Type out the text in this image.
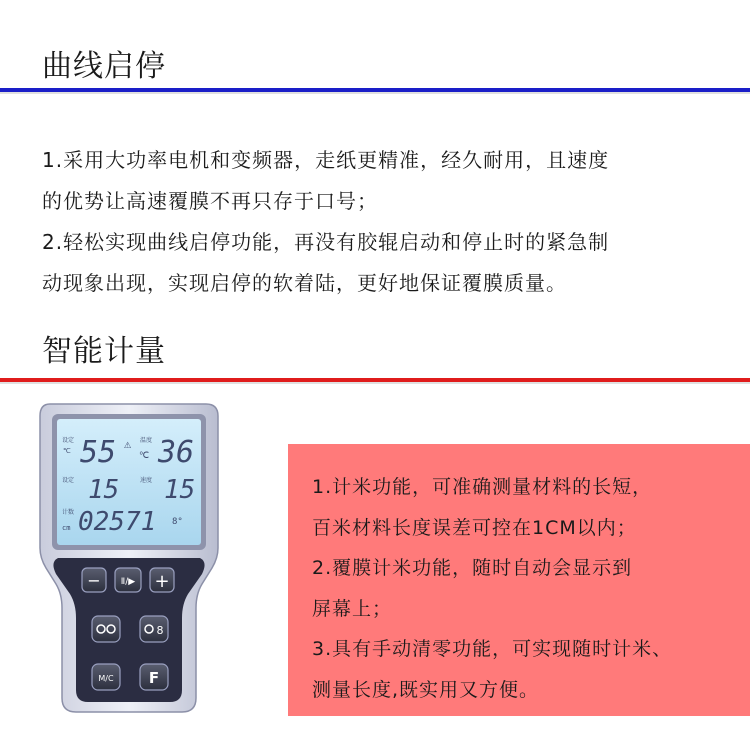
曲线启停
1.采用大功率电机和变频器，走纸更精准，经久耐用，且速度
的优势让高速覆膜不再只存于口号；
2.轻松实现曲线启停功能，再没有胶辊启动和停止时的紧急制
动现象出现，实现启停的软着陆，更好地保证覆膜质量。
智能计量
1.计米功能，可准确测量材料的长短，
百米材料长度误差可控在1CM以内；
2.覆膜计米功能，随时自动会显示到
屏幕上；
3.具有手动清零功能，可实现随时计米、
测量长度,既实用又方便。
设定
℃ 55 ⚠ 温度
℃ 36
设定 15	速度 15
计数
cm 02571 8°
− Ⅱ/▶ +
8
M/C F
